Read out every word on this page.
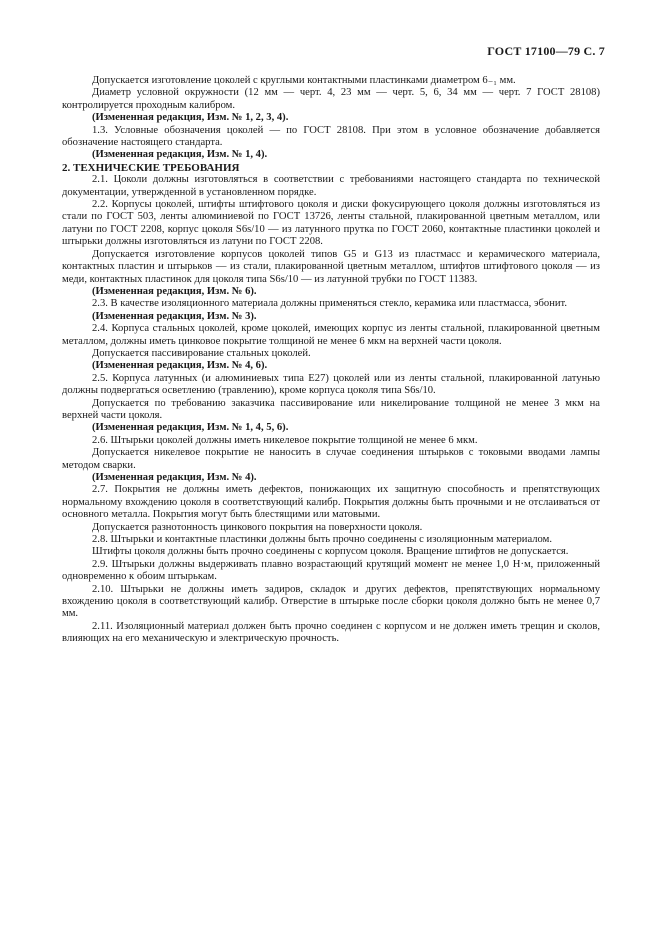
ГОСТ 17100—79 С. 7

Допускается изготовление цоколей с круглыми контактными пластинками диаметром 6₋₁ мм.

Диаметр условной окружности (12 мм — черт. 4, 23 мм — черт. 5, 6, 34 мм — черт. 7 ГОСТ 28108) контролируется проходным калибром.

(Измененная редакция, Изм. № 1, 2, 3, 4).

1.3. Условные обозначения цоколей — по ГОСТ 28108. При этом в условное обозначение добавляется обозначение настоящего стандарта.

(Измененная редакция, Изм. № 1, 4).

2. ТЕХНИЧЕСКИЕ ТРЕБОВАНИЯ

2.1. Цоколи должны изготовляться в соответствии с требованиями настоящего стандарта по технической документации, утвержденной в установленном порядке.

2.2. Корпусы цоколей, штифты штифтового цоколя и диски фокусирующего цоколя должны изготовляться из стали по ГОСТ 503, ленты алюминиевой по ГОСТ 13726, ленты стальной, плакированной цветным металлом, или латуни по ГОСТ 2208, корпус цоколя S6s/10 — из латунного прутка по ГОСТ 2060, контактные пластинки цоколей и штырьки должны изготовляться из латуни по ГОСТ 2208.

Допускается изготовление корпусов цоколей типов G5 и G13 из пластмасс и керамического материала, контактных пластин и штырьков — из стали, плакированной цветным металлом, штифтов штифтового цоколя — из меди, контактных пластинок для цоколя типа S6s/10 — из латунной трубки по ГОСТ 11383.

(Измененная редакция, Изм. № 6).

2.3. В качестве изоляционного материала должны применяться стекло, керамика или пластмасса, эбонит.

(Измененная редакция, Изм. № 3).

2.4. Корпуса стальных цоколей, кроме цоколей, имеющих корпус из ленты стальной, плакированной цветным металлом, должны иметь цинковое покрытие толщиной не менее 6 мкм на верхней части цоколя.

Допускается пассивирование стальных цоколей.

(Измененная редакция, Изм. № 4, 6).

2.5. Корпуса латунных (и алюминиевых типа E27) цоколей или из ленты стальной, плакированной латунью должны подвергаться осветлению (травлению), кроме корпуса цоколя типа S6s/10.

Допускается по требованию заказчика пассивирование или никелирование толщиной не менее 3 мкм на верхней части цоколя.

(Измененная редакция, Изм. № 1, 4, 5, 6).

2.6. Штырьки цоколей должны иметь никелевое покрытие толщиной не менее 6 мкм.

Допускается никелевое покрытие не наносить в случае соединения штырьков с токовыми вводами лампы методом сварки.

(Измененная редакция, Изм. № 4).

2.7. Покрытия не должны иметь дефектов, понижающих их защитную способность и препятствующих нормальному вхождению цоколя в соответствующий калибр. Покрытия должны быть прочными и не отслаиваться от основного металла. Покрытия могут быть блестящими или матовыми.

Допускается разнотонность цинкового покрытия на поверхности цоколя.

2.8. Штырьки и контактные пластинки должны быть прочно соединены с изоляционным материалом.

Штифты цоколя должны быть прочно соединены с корпусом цоколя. Вращение штифтов не допускается.

2.9. Штырьки должны выдерживать плавно возрастающий крутящий момент не менее 1,0 Н·м, приложенный одновременно к обоим штырькам.

2.10. Штырьки не должны иметь задиров, складок и других дефектов, препятствующих нормальному вхождению цоколя в соответствующий калибр. Отверстие в штырьке после сборки цоколя должно быть не менее 0,7 мм.

2.11. Изоляционный материал должен быть прочно соединен с корпусом и не должен иметь трещин и сколов, влияющих на его механическую и электрическую прочность.
